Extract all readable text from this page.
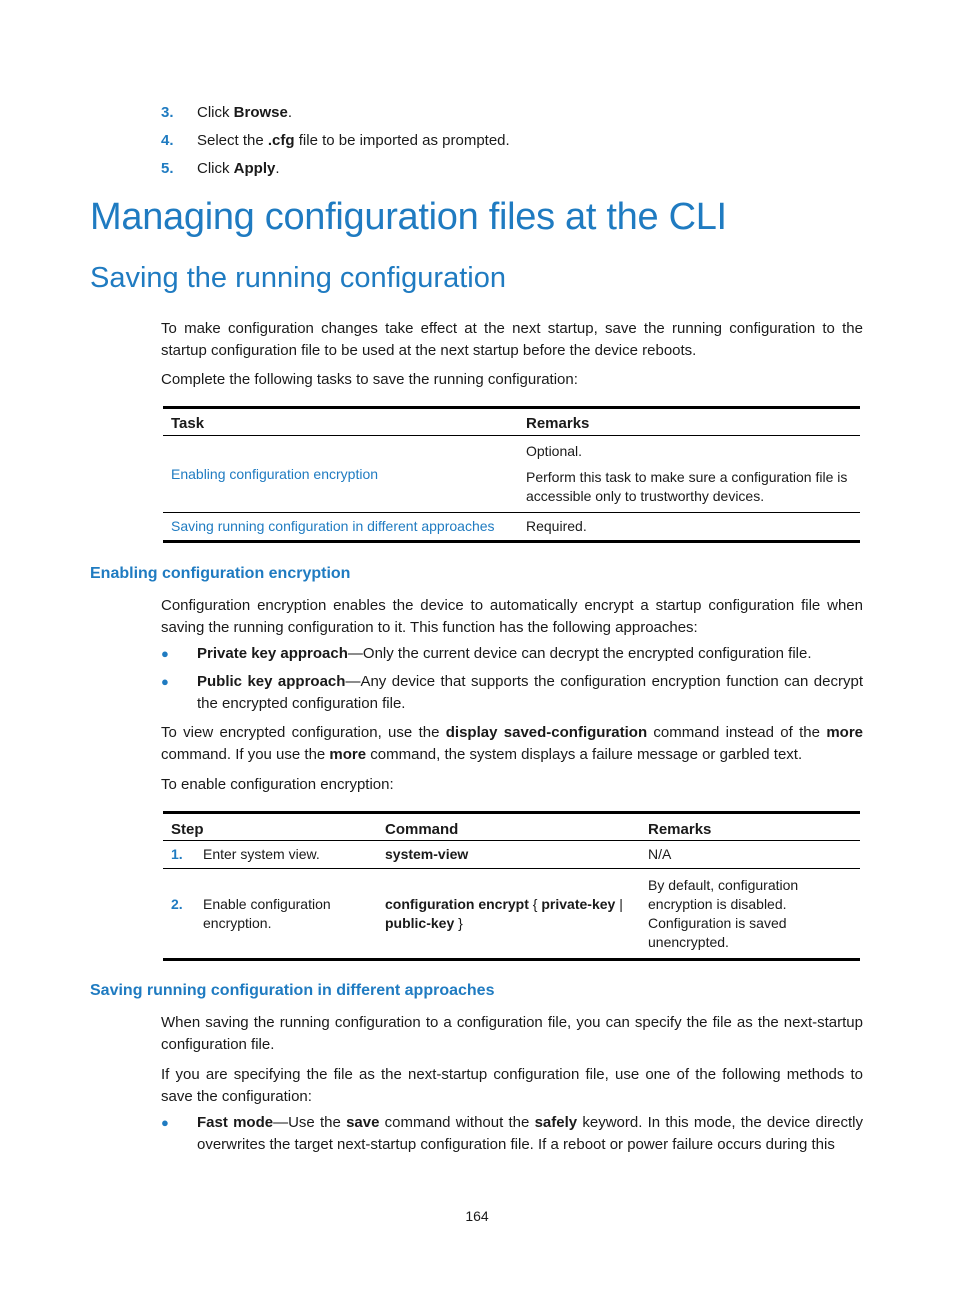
3.	Click Browse.
4.	Select the .cfg file to be imported as prompted.
5.	Click Apply.
Managing configuration files at the CLI
Saving the running configuration

To make configuration changes take effect at the next startup, save the running configuration to the startup configuration file to be used at the next startup before the device reboots.

Complete the following tasks to save the running configuration:

Task	Remarks
Enabling configuration encryption	Optional.

Perform this task to make sure a configuration file is accessible only to trustworthy devices.

Saving running configuration in different approaches	Required.
Enabling configuration encryption

Configuration encryption enables the device to automatically encrypt a startup configuration file when saving the running configuration to it. This function has the following approaches:

● Private key approach—Only the current device can decrypt the encrypted configuration file.
● Public key approach—Any device that supports the configuration encryption function can decrypt the encrypted configuration file.

To view encrypted configuration, use the display saved-configuration command instead of the more command. If you use the more command, the system displays a failure message or garbled text.

To enable configuration encryption:

Step	Command	Remarks
1. Enter system view.	system-view	N/A

2. Enable configuration encryption.	configuration encrypt { private-key | public-key }	By default, configuration encryption is disabled. Configuration is saved unencrypted.
Saving running configuration in different approaches

When saving the running configuration to a configuration file, you can specify the file as the next-startup configuration file.

If you are specifying the file as the next-startup configuration file, use one of the following methods to save the configuration:

● Fast mode—Use the save command without the safely keyword. In this mode, the device directly overwrites the target next-startup configuration file. If a reboot or power failure occurs during this
164
